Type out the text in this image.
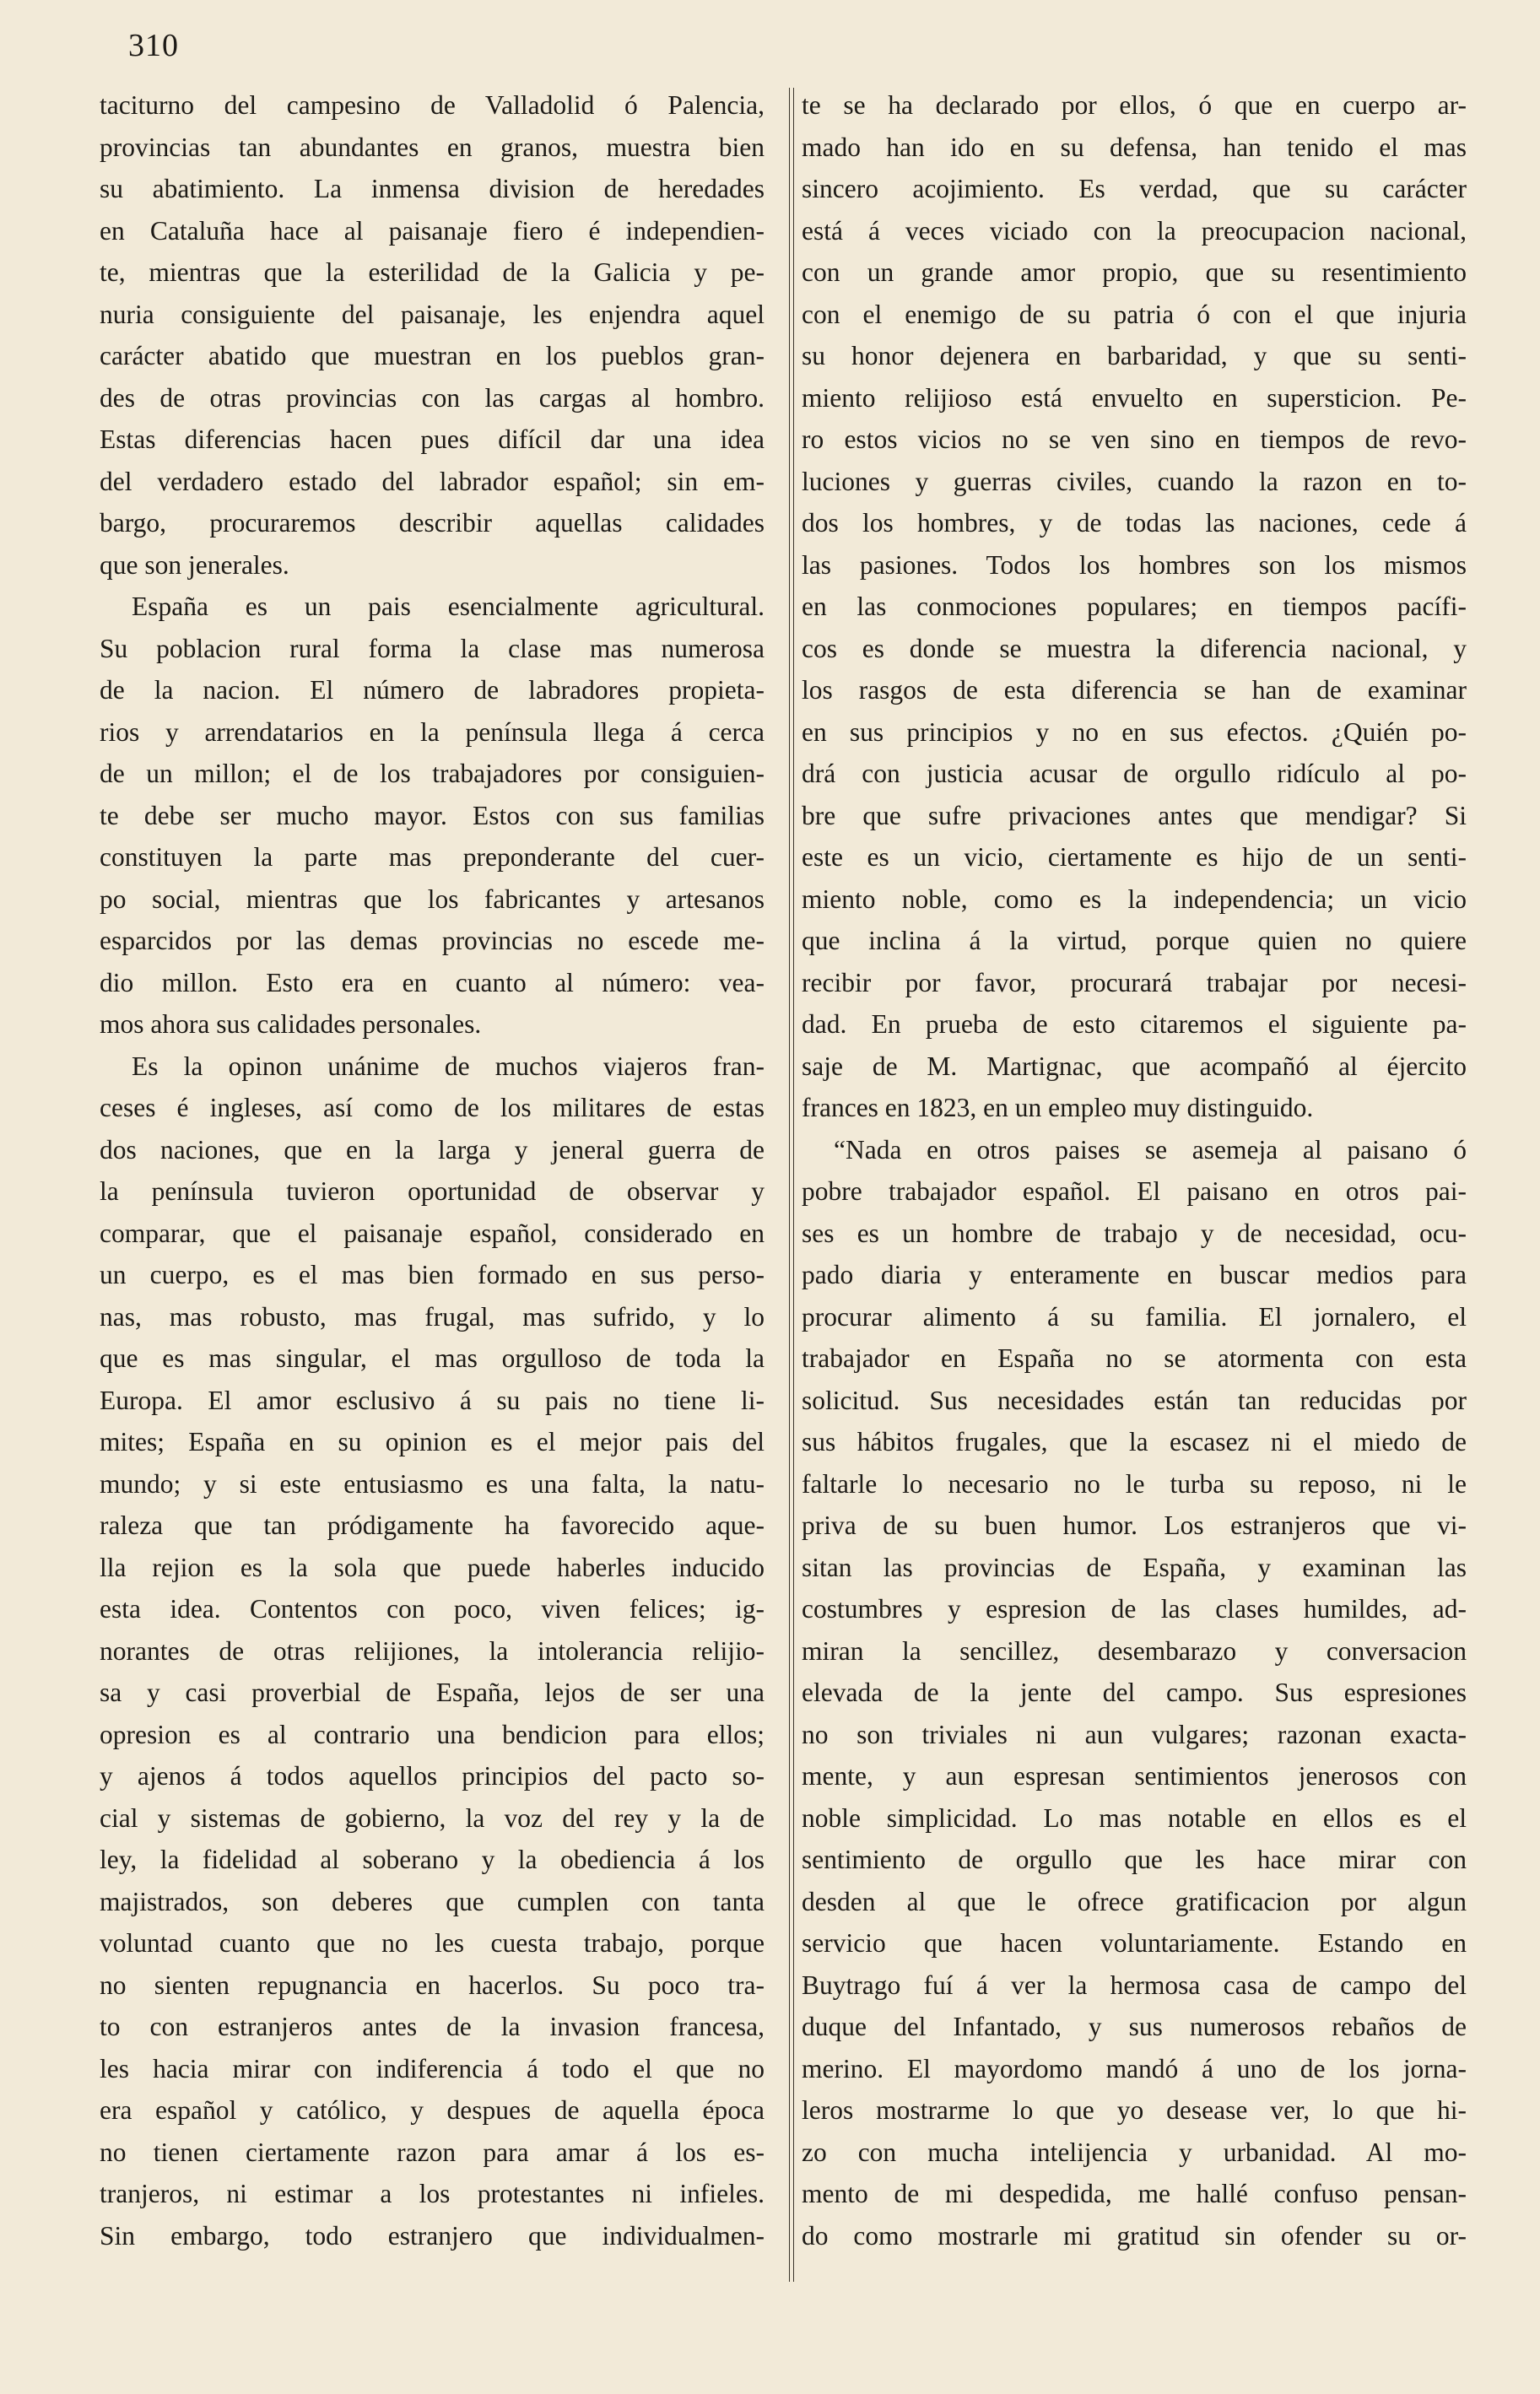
310
taciturno del campesino de Valladolid ó Palencia,
provincias tan abundantes en granos, muestra bien
su abatimiento. La inmensa division de heredades
en Cataluña hace al paisanaje fiero é independien-
te, mientras que la esterilidad de la Galicia y pe-
nuria consiguiente del paisanaje, les enjendra aquel
carácter abatido que muestran en los pueblos gran-
des de otras provincias con las cargas al hombro.
Estas diferencias hacen pues difícil dar una idea
del verdadero estado del labrador español; sin em-
bargo, procuraremos describir aquellas calidades
que son jenerales.
España es un pais esencialmente agricultural.
Su poblacion rural forma la clase mas numerosa
de la nacion. El número de labradores propieta-
rios y arrendatarios en la península llega á cerca
de un millon; el de los trabajadores por consiguien-
te debe ser mucho mayor. Estos con sus familias
constituyen la parte mas preponderante del cuer-
po social, mientras que los fabricantes y artesanos
esparcidos por las demas provincias no escede me-
dio millon. Esto era en cuanto al número: vea-
mos ahora sus calidades personales.
Es la opinon unánime de muchos viajeros fran-
ceses é ingleses, así como de los militares de estas
dos naciones, que en la larga y jeneral guerra de
la península tuvieron oportunidad de observar y
comparar, que el paisanaje español, considerado en
un cuerpo, es el mas bien formado en sus perso-
nas, mas robusto, mas frugal, mas sufrido, y lo
que es mas singular, el mas orgulloso de toda la
Europa. El amor esclusivo á su pais no tiene li-
mites; España en su opinion es el mejor pais del
mundo; y si este entusiasmo es una falta, la natu-
raleza que tan pródigamente ha favorecido aque-
lla rejion es la sola que puede haberles inducido
esta idea. Contentos con poco, viven felices; ig-
norantes de otras relijiones, la intolerancia relijio-
sa y casi proverbial de España, lejos de ser una
opresion es al contrario una bendicion para ellos;
y ajenos á todos aquellos principios del pacto so-
cial y sistemas de gobierno, la voz del rey y la de
ley, la fidelidad al soberano y la obediencia á los
majistrados, son deberes que cumplen con tanta
voluntad cuanto que no les cuesta trabajo, porque
no sienten repugnancia en hacerlos. Su poco tra-
to con estranjeros antes de la invasion francesa,
les hacia mirar con indiferencia á todo el que no
era español y católico, y despues de aquella época
no tienen ciertamente razon para amar á los es-
tranjeros, ni estimar a los protestantes ni infieles.
Sin embargo, todo estranjero que individualmen-
te se ha declarado por ellos, ó que en cuerpo ar-
mado han ido en su defensa, han tenido el mas
sincero acojimiento. Es verdad, que su carácter
está á veces viciado con la preocupacion nacional,
con un grande amor propio, que su resentimiento
con el enemigo de su patria ó con el que injuria
su honor dejenera en barbaridad, y que su senti-
miento relijioso está envuelto en supersticion. Pe-
ro estos vicios no se ven sino en tiempos de revo-
luciones y guerras civiles, cuando la razon en to-
dos los hombres, y de todas las naciones, cede á
las pasiones. Todos los hombres son los mismos
en las conmociones populares; en tiempos pacífi-
cos es donde se muestra la diferencia nacional, y
los rasgos de esta diferencia se han de examinar
en sus principios y no en sus efectos. ¿Quién po-
drá con justicia acusar de orgullo ridículo al po-
bre que sufre privaciones antes que mendigar? Si
este es un vicio, ciertamente es hijo de un senti-
miento noble, como es la independencia; un vicio
que inclina á la virtud, porque quien no quiere
recibir por favor, procurará trabajar por necesi-
dad. En prueba de esto citaremos el siguiente pa-
saje de M. Martignac, que acompañó al éjercito
frances en 1823, en un empleo muy distinguido.
“Nada en otros paises se asemeja al paisano ó
pobre trabajador español. El paisano en otros pai-
ses es un hombre de trabajo y de necesidad, ocu-
pado diaria y enteramente en buscar medios para
procurar alimento á su familia. El jornalero, el
trabajador en España no se atormenta con esta
solicitud. Sus necesidades están tan reducidas por
sus hábitos frugales, que la escasez ni el miedo de
faltarle lo necesario no le turba su reposo, ni le
priva de su buen humor. Los estranjeros que vi-
sitan las provincias de España, y examinan las
costumbres y espresion de las clases humildes, ad-
miran la sencillez, desembarazo y conversacion
elevada de la jente del campo. Sus espresiones
no son triviales ni aun vulgares; razonan exacta-
mente, y aun espresan sentimientos jenerosos con
noble simplicidad. Lo mas notable en ellos es el
sentimiento de orgullo que les hace mirar con
desden al que le ofrece gratificacion por algun
servicio que hacen voluntariamente. Estando en
Buytrago fuí á ver la hermosa casa de campo del
duque del Infantado, y sus numerosos rebaños de
merino. El mayordomo mandó á uno de los jorna-
leros mostrarme lo que yo desease ver, lo que hi-
zo con mucha intelijencia y urbanidad. Al mo-
mento de mi despedida, me hallé confuso pensan-
do como mostrarle mi gratitud sin ofender su or-
